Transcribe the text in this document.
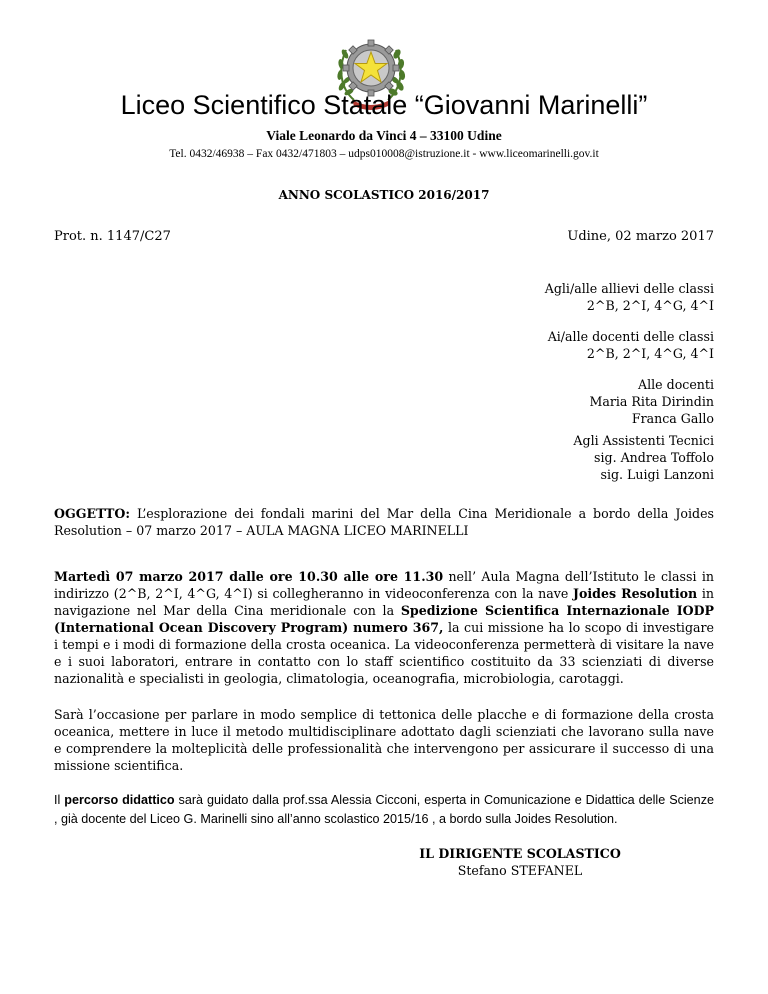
Liceo Scientifico Statale “Giovanni Marinelli”
Viale Leonardo da Vinci 4 – 33100 Udine
Tel. 0432/46938 – Fax 0432/471803 – udps010008@istruzione.it - www.liceomarinelli.gov.it
ANNO SCOLASTICO 2016/2017
Prot. n. 1147/C27	Udine, 02 marzo 2017
Agli/alle allievi delle classi
2^B, 2^I, 4^G, 4^I
Ai/alle docenti delle classi
2^B, 2^I, 4^G, 4^I
Alle docenti
Maria Rita Dirindin
Franca Gallo
Agli Assistenti Tecnici
sig. Andrea Toffolo
sig. Luigi Lanzoni
OGGETTO: L’esplorazione dei fondali marini del Mar della Cina Meridionale a bordo della Joides Resolution – 07 marzo 2017 – AULA MAGNA LICEO MARINELLI
Martedì 07 marzo 2017 dalle ore 10.30 alle ore 11.30 nell’ Aula Magna dell’Istituto le classi in indirizzo (2^B, 2^I, 4^G, 4^I) si collegheranno in videoconferenza con la nave Joides Resolution in navigazione nel Mar della Cina meridionale con la Spedizione Scientifica Internazionale IODP (International Ocean Discovery Program) numero 367, la cui missione ha lo scopo di investigare i tempi e i modi di formazione della crosta oceanica. La videoconferenza permetterà di visitare la nave e i suoi laboratori, entrare in contatto con lo staff scientifico costituito da 33 scienziati di diverse nazionalità e specialisti in geologia, climatologia, oceanografia, microbiologia, carotaggi.
Sarà l’occasione per parlare in modo semplice di tettonica delle placche e di formazione della crosta oceanica, mettere in luce il metodo multidisciplinare adottato dagli scienziati che lavorano sulla nave e comprendere la molteplicità delle professionalità che intervengono per assicurare il successo di una missione scientifica.
Il percorso didattico sarà guidato dalla prof.ssa Alessia Cicconi, esperta in Comunicazione e Didattica delle Scienze , già docente del Liceo G. Marinelli sino all’anno scolastico 2015/16 , a bordo sulla Joides Resolution.
IL DIRIGENTE SCOLASTICO
Stefano STEFANEL
